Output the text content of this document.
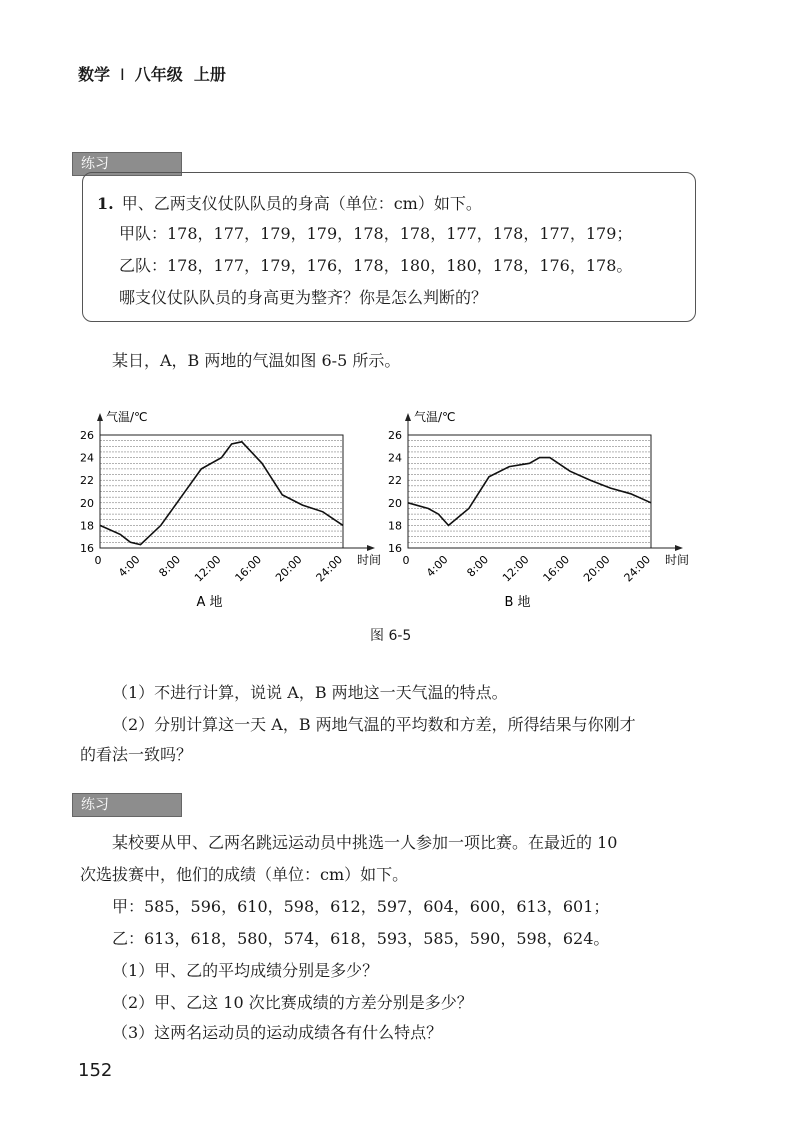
数学 I 八年级 上册
练习

1. 甲、乙两支仪仗队队员的身高（单位：cm）如下。

甲队：178，177，179，179，178，178，177，178，177，179；

乙队：178，177，179，176，178，180，180，178，176，178。

哪支仪仗队队员的身高更为整齐？你是怎么判断的？

某日，A，B 两地的气温如图 6-5 所示。

气温/℃
时间
16
18
20
22
24
26
0 4:00 8:00 12:00 16:00 20:00 24:00
A 地
气温/℃
时间
16
18
20
22
24
26
0 4:00 8:00 12:00 16:00 20:00 24:00
B 地
图 6-5

（1）不进行计算，说说 A，B 两地这一天气温的特点。

（2）分别计算这一天 A，B 两地气温的平均数和方差，所得结果与你刚才

的看法一致吗？

练习

某校要从甲、乙两名跳远运动员中挑选一人参加一项比赛。在最近的 10

次选拔赛中，他们的成绩（单位：cm）如下。

甲：585，596，610，598，612，597，604，600，613，601；

乙：613，618，580，574，618，593，585，590，598，624。

（1）甲、乙的平均成绩分别是多少？

（2）甲、乙这 10 次比赛成绩的方差分别是多少？

（3）这两名运动员的运动成绩各有什么特点？

152
